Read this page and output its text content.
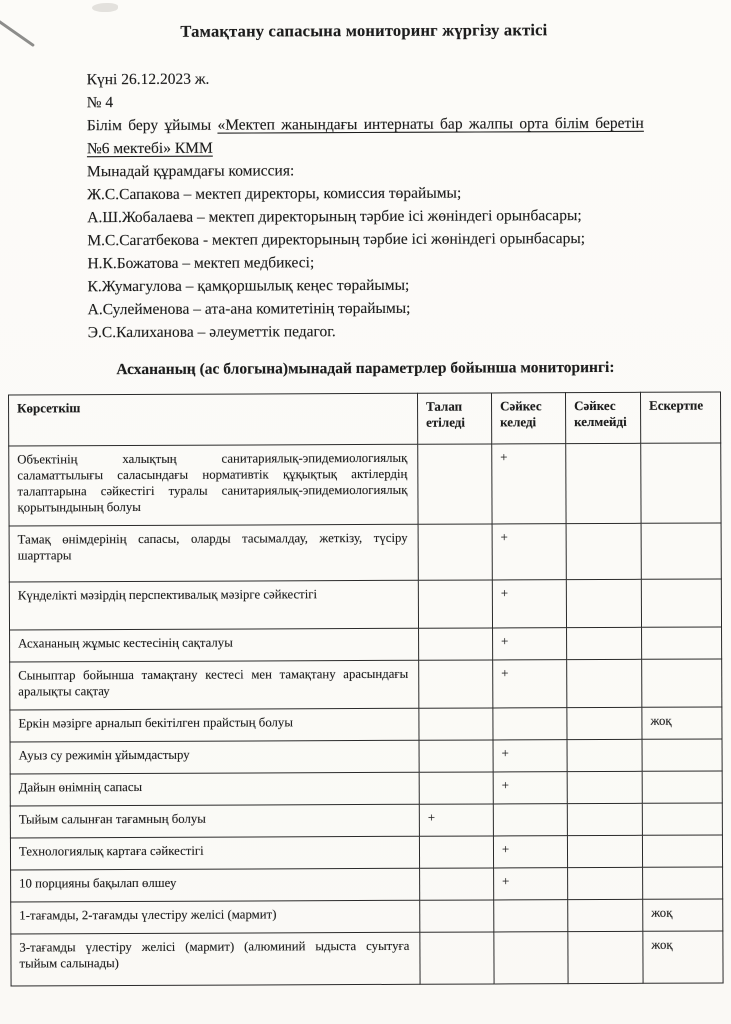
Тамақтану сапасына мониторинг жүргізу актісі

Күні 26.12.2023 ж.

№ 4

Білім беру ұйымы «Мектеп жанындағы интернаты бар жалпы орта білім беретін №6 мектебі» КММ

Мынадай құрамдағы комиссия:

Ж.С.Сапакова – мектеп директоры, комиссия төрайымы;

А.Ш.Жобалаева – мектеп директорының тәрбие ісі жөніндегі орынбасары;

М.С.Сагатбекова - мектеп директорының тәрбие ісі жөніндегі орынбасары;

Н.К.Божатова – мектеп медбикесі;

К.Жумагулова – қамқоршылық кеңес төрайымы;

А.Сулейменова – ата-ана комитетінің төрайымы;

Э.С.Калиханова – әлеуметтік педагог.

Асхананың (ас блогына)мынадай параметрлер бойынша мониторингі:
Көрсеткіш	Талап етіледі	Сәйкес келеді	Сәйкес келмейді	Ескертпе
Объектінің халықтың санитариялық-эпидемиологиялық саламаттылығы саласындағы нормативтік құқықтық актілердің талаптарына сәйкестігі туралы санитариялық-эпидемиологиялық қорытындының болуы		+		
Тамақ өнімдерінің сапасы, оларды тасымалдау, жеткізу, түсіру шарттары		+		
Күнделікті мәзірдің перспективалық мәзірге сәйкестігі		+		
Асхананың жұмыс кестесінің сақталуы		+		
Сыныптар бойынша тамақтану кестесі мен тамақтану арасындағы аралықты сақтау		+		
Еркін мәзірге арналып бекітілген прайстың болуы				жоқ
Ауыз су режимін ұйымдастыру		+		
Дайын өнімнің сапасы		+		
Тыйым салынған тағамның болуы	+			
Технологиялық картаға сәйкестігі		+		
10 порцияны бақылап өлшеу		+		
1-тағамды, 2-тағамды үлестіру желісі (мармит)				жоқ
3-тағамды үлестіру желісі (мармит) (алюминий ыдыста суытуға тыйым салынады)				жоқ
